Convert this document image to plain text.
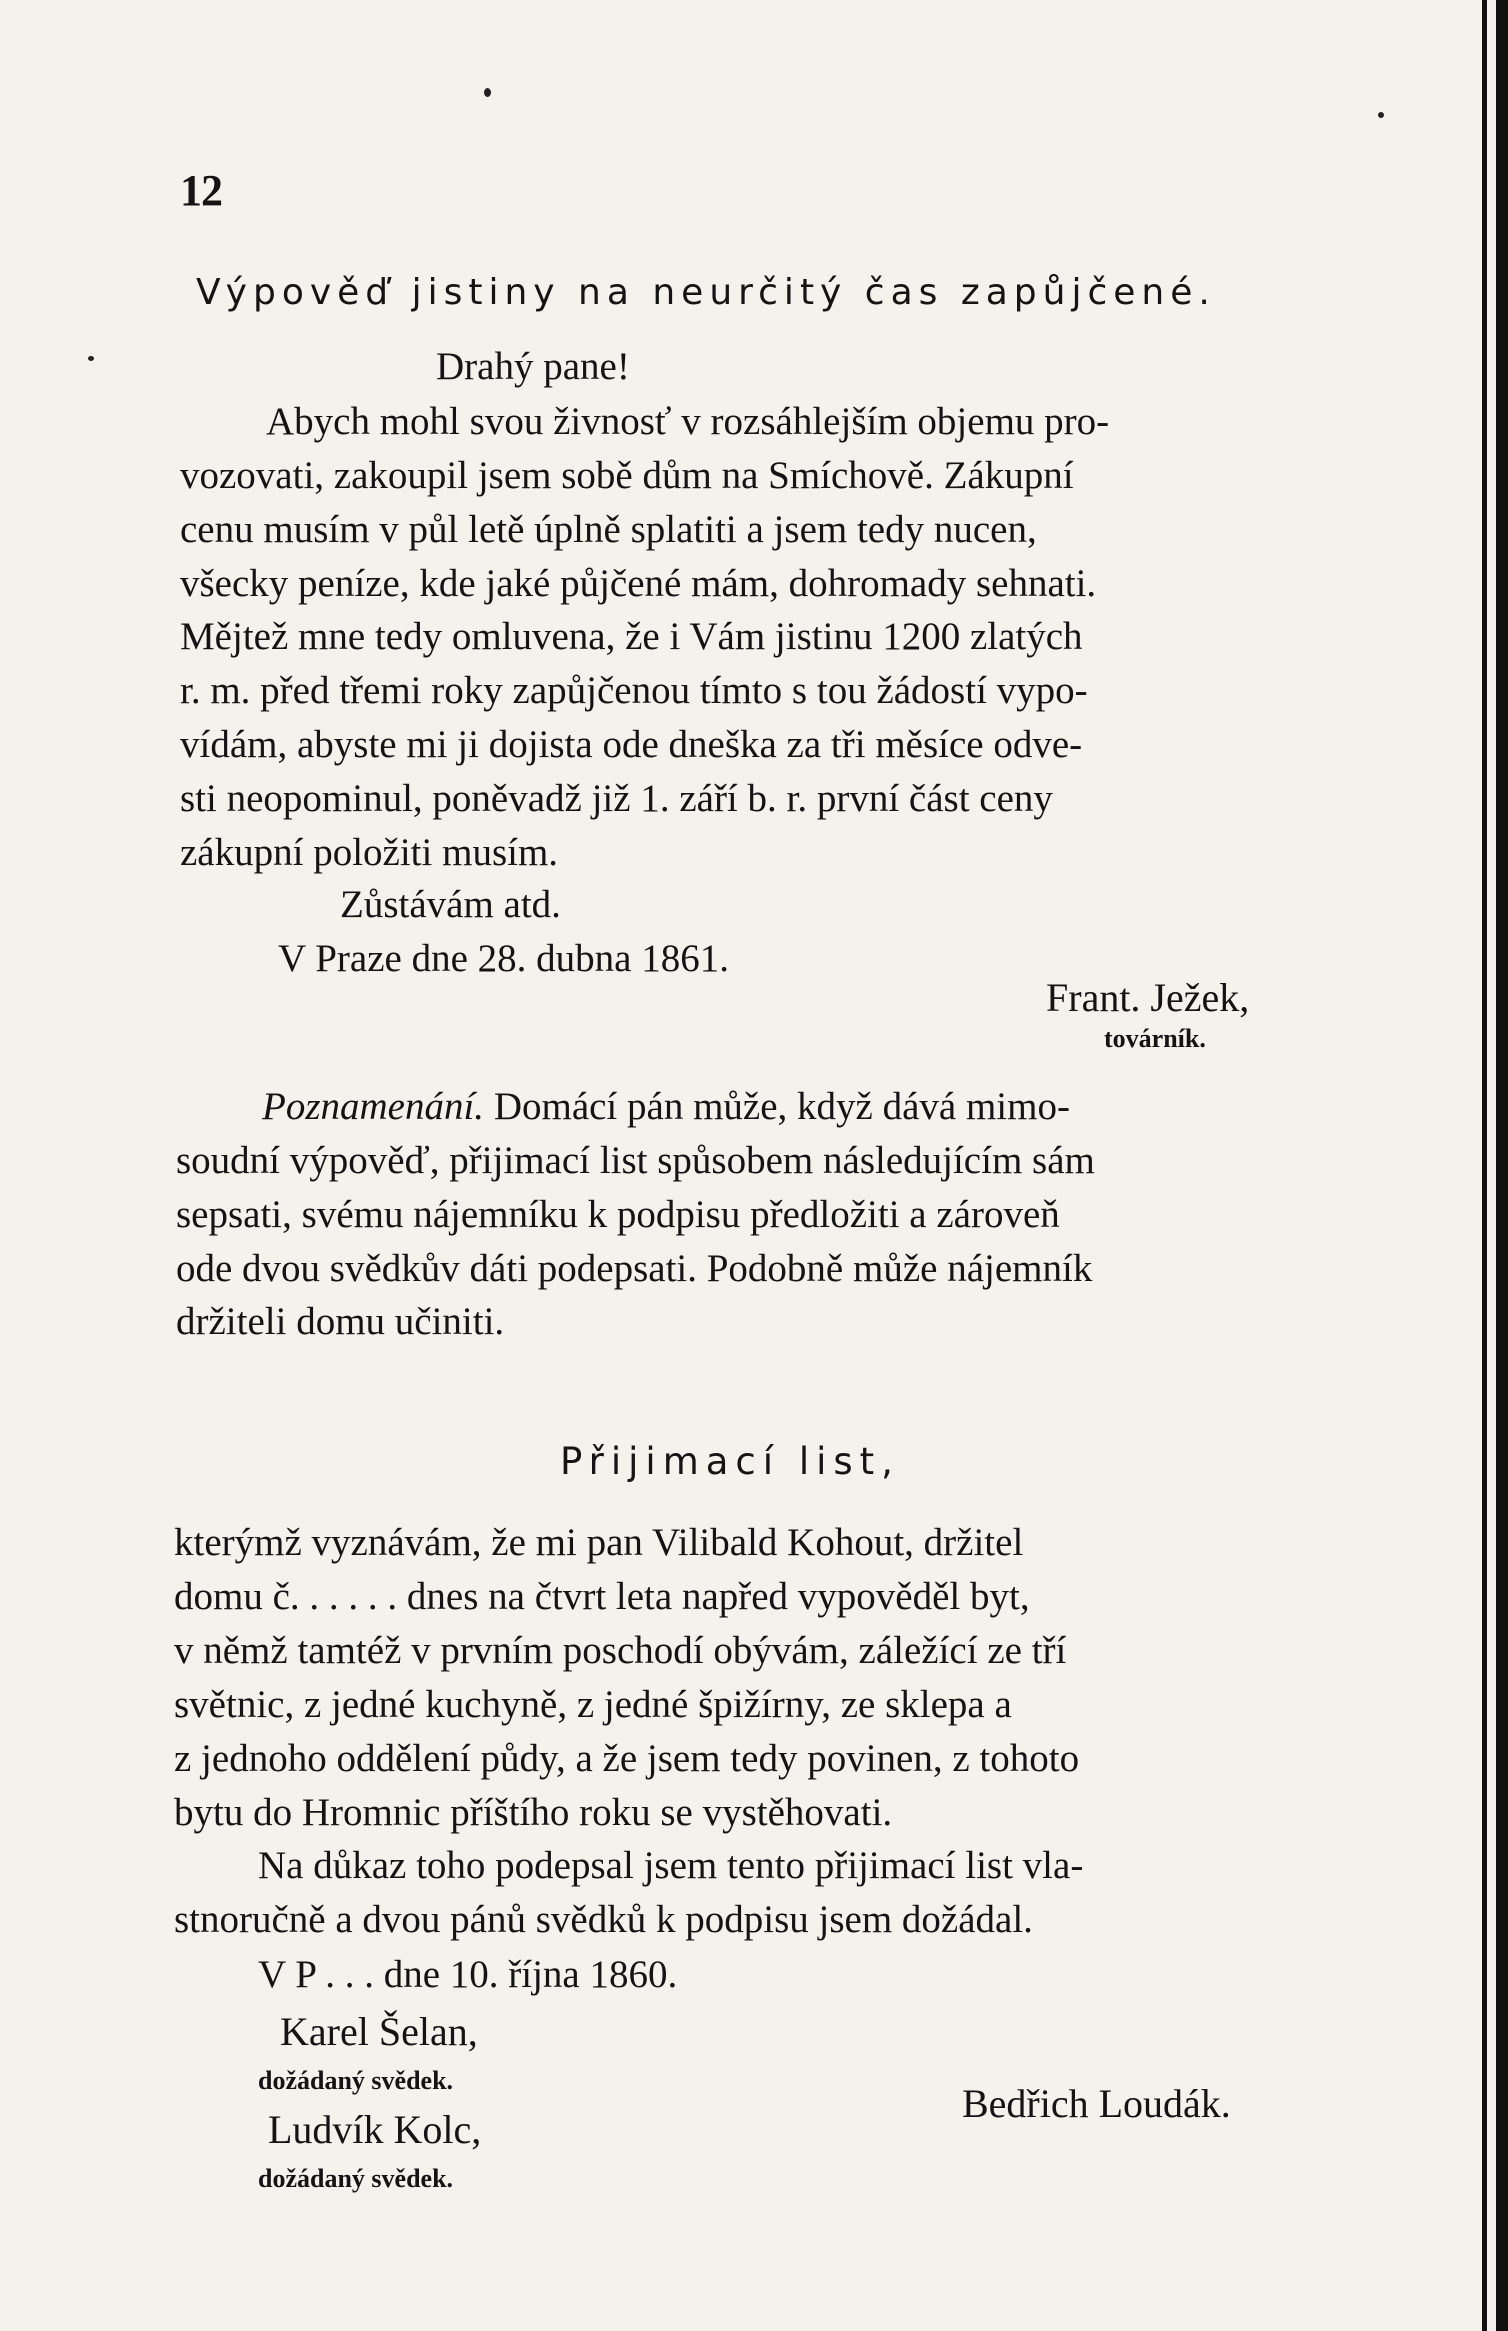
12
Výpověď jistiny na neurčitý čas zapůjčené.
Drahý pane!
Abych mohl svou živnosť v rozsáhlejším objemu pro-
vozovati, zakoupil jsem sobě dům na Smíchově. Zákupní
cenu musím v půl letě úplně splatiti a jsem tedy nucen,
všecky peníze, kde jaké půjčené mám, dohromady sehnati.
Mějtež mne tedy omluvena, že i Vám jistinu 1200 zlatých
r. m. před třemi roky zapůjčenou tímto s tou žádostí vypo-
vídám, abyste mi ji dojista ode dneška za tři měsíce odve-
sti neopominul, poněvadž již 1. září b. r. první část ceny
zákupní položiti musím.
Zůstávám atd.
V Praze dne 28. dubna 1861.
Frant. Ježek,
továrník.
Poznamenání. Domácí pán může, když dává mimo-
soudní výpověď, přijimací list spůsobem následujícím sám
sepsati, svému nájemníku k podpisu předložiti a zároveň
ode dvou svědkův dáti podepsati. Podobně může nájemník
držiteli domu učiniti.
Přijimací list,
kterýmž vyznávám, že mi pan Vilibald Kohout, držitel
domu č. . . . . . dnes na čtvrt leta napřed vypověděl byt,
v němž tamtéž v prvním poschodí obývám, záležící ze tří
světnic, z jedné kuchyně, z jedné špižírny, ze sklepa a
z jednoho oddělení půdy, a že jsem tedy povinen, z tohoto
bytu do Hromnic příštího roku se vystěhovati.
Na důkaz toho podepsal jsem tento přijimací list vla-
stnoručně a dvou pánů svědků k podpisu jsem dožádal.
V P . . . dne 10. října 1860.
Karel Šelan,
dožádaný svědek.
Ludvík Kolc,
dožádaný svědek.
Bedřich Loudák.
